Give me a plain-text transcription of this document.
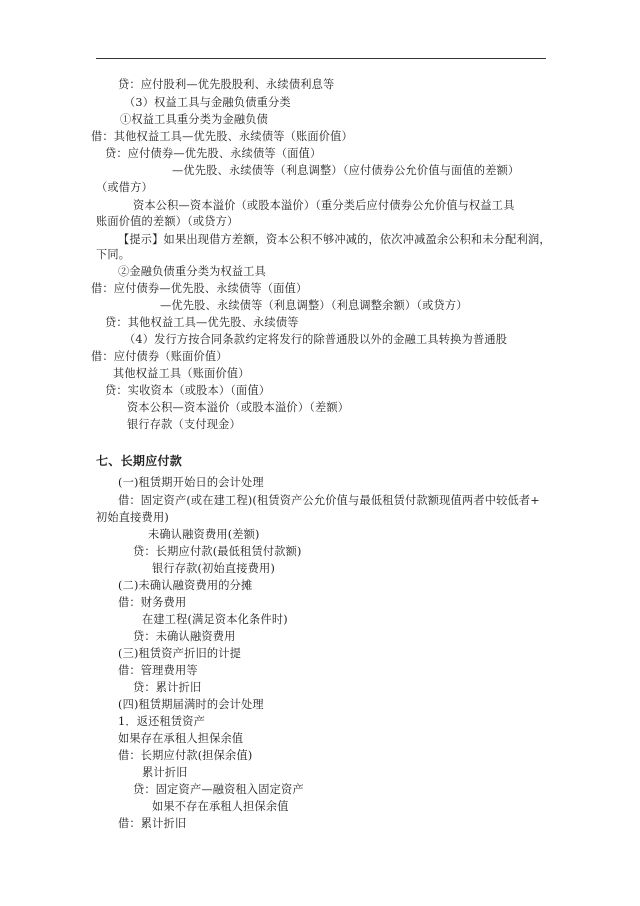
贷：应付股利—优先股股利、永续债利息等
（3）权益工具与金融负债重分类
①权益工具重分类为金融负债
借：其他权益工具—优先股、永续债等（账面价值）
贷：应付债券—优先股、永续债等（面值）
—优先股、永续债等（利息调整）（应付债券公允价值与面值的差额）
（或借方）
资本公积—资本溢价（或股本溢价）（重分类后应付债券公允价值与权益工具
账面价值的差额）（或贷方）
【提示】如果出现借方差额，资本公积不够冲减的，依次冲减盈余公积和未分配利润，
下同。
②金融负债重分类为权益工具
借：应付债券—优先股、永续债等（面值）
—优先股、永续债等（利息调整）（利息调整余额）（或贷方）
贷：其他权益工具—优先股、永续债等
（4）发行方按合同条款约定将发行的除普通股以外的金融工具转换为普通股
借：应付债券（账面价值）
其他权益工具（账面价值）
贷：实收资本（或股本）（面值）
资本公积—资本溢价（或股本溢价）（差额）
银行存款（支付现金）
七、长期应付款
(一)租赁期开始日的会计处理
借：固定资产(或在建工程)(租赁资产公允价值与最低租赁付款额现值两者中较低者+
初始直接费用)
未确认融资费用(差额)
贷：长期应付款(最低租赁付款额)
银行存款(初始直接费用)
(二)未确认融资费用的分摊
借：财务费用
在建工程(满足资本化条件时)
贷：未确认融资费用
(三)租赁资产折旧的计提
借：管理费用等
贷：累计折旧
(四)租赁期届满时的会计处理
1．返还租赁资产
如果存在承租人担保余值
借：长期应付款(担保余值)
累计折旧
贷：固定资产—融资租入固定资产
如果不存在承租人担保余值
借：累计折旧
